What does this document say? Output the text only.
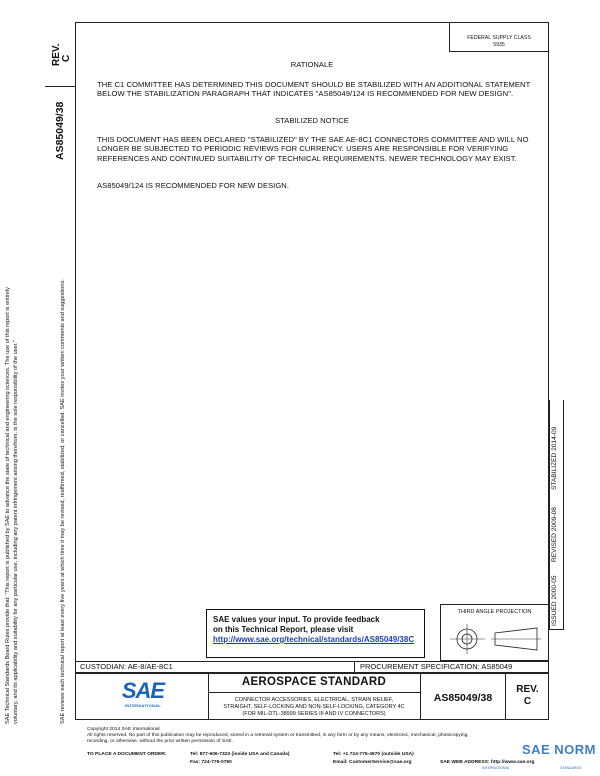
SAE Technical Standards Board Rules provide that: “This report is published by SAE to advance the state of technical and engineering sciences. The use of this report is entirely voluntary, and its applicability and suitability for any particular use, including any patent infringement arising therefrom, is the sole responsibility of the user.”	SAE reviews each technical report at least every five years at which time it may be revised, reaffirmed, stabilized, or cancelled. SAE invites your written comments and suggestions.
REV. C
AS85049/38
FEDERAL SUPPLY CLASS
5935
RATIONALE
THE C1 COMMITTEE HAS DETERMINED THIS DOCUMENT SHOULD BE STABILIZED WITH AN ADDITIONAL STATEMENT BELOW THE STABILIZATION PARAGRAPH THAT INDICATES "AS85049/124 IS RECOMMENDED FOR NEW DESIGN".
STABILIZED NOTICE
THIS DOCUMENT HAS BEEN DECLARED "STABILIZED" BY THE SAE AE-8C1 CONNECTORS COMMITTEE AND WILL NO LONGER BE SUBJECTED TO PERIODIC REVIEWS FOR CURRENCY. USERS ARE RESPONSIBLE FOR VERIFYING REFERENCES AND CONTINUED SUITABILITY OF TECHNICAL REQUIREMENTS. NEWER TECHNOLOGY MAY EXIST.
AS85049/124 IS RECOMMENDED FOR NEW DESIGN.
ISSUED 2000-05
REVISED 2009-08
STABILIZED 2014-09
SAE values your input. To provide feedback
on this Technical Report, please visit
http://www.sae.org/technical/standards/AS85049/38C
THIRD ANGLE PROJECTION
CUSTODIAN: AE-8/AE-8C1	PROCUREMENT SPECIFICATION: AS85049
SAE
INTERNATIONAL
AEROSPACE STANDARD
CONNECTOR ACCESSORIES, ELECTRICAL, STRAIN RELIEF,
STRAIGHT, SELF-LOCKING AND NON-SELF-LOCKING, CATEGORY 4C
(FOR MIL-DTL-38999 SERIES III AND IV CONNECTORS)
AS85049/38
REV.
C
Copyright 2014 SAE International
All rights reserved. No part of this publication may be reproduced, stored in a retrieval system or transmitted, in any form or by any means, electronic, mechanical, photocopying,
recording, or otherwise, without the prior written permission of SAE.
TO PLACE A DOCUMENT ORDER:	Tel: 877-606-7323 (inside USA and Canada)	Tel: +1 724-776-4970 (outside USA)
Fax: 724-776-0790	Email: CustomerService@sae.org	SAE WEB ADDRESS: http://www.sae.org
SAE NORM
INTERNATIONAL	STANDARDS
